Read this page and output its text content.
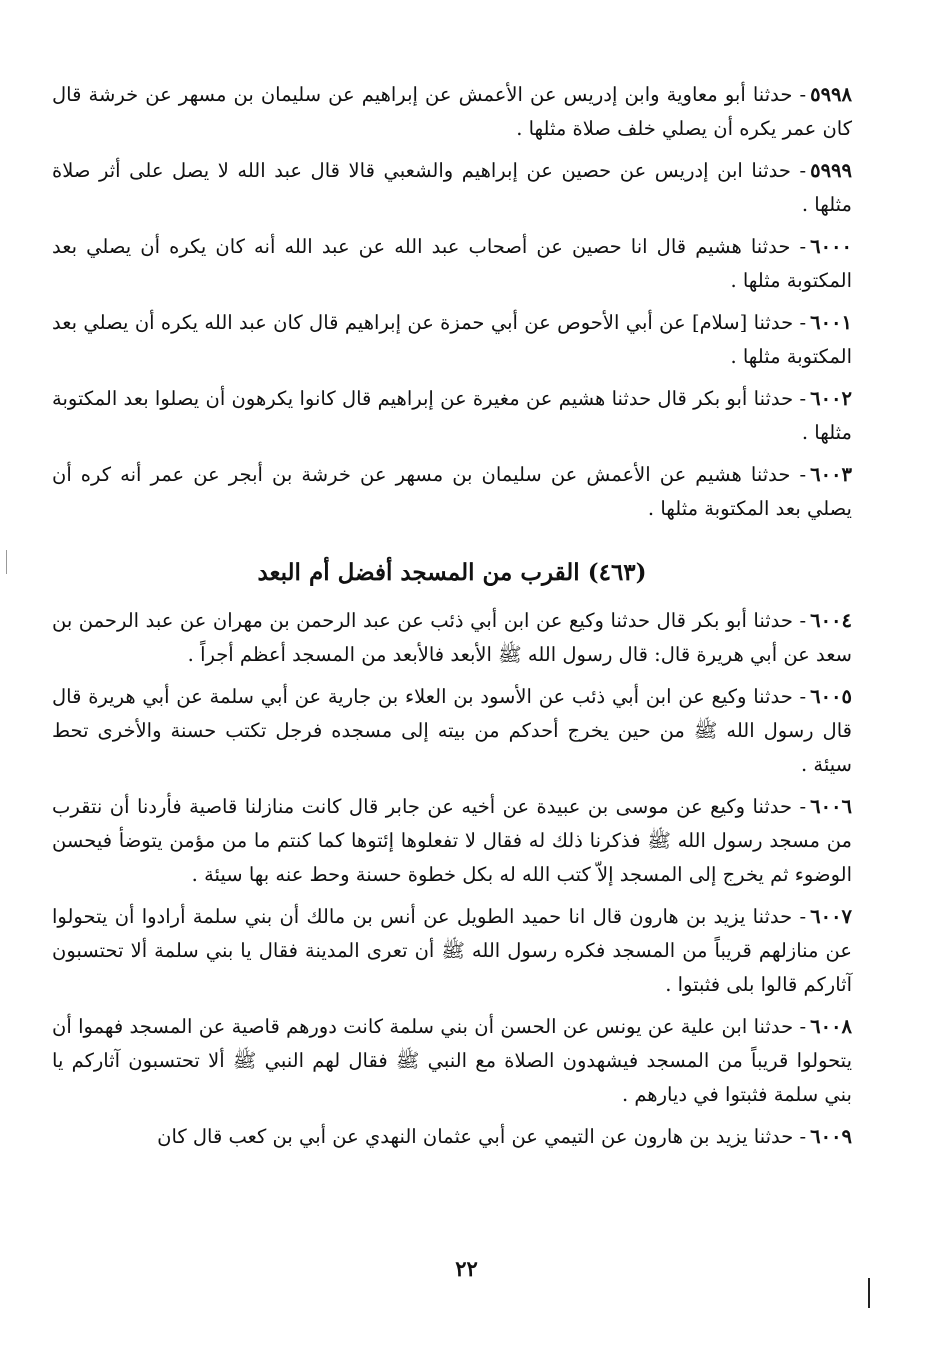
٥٩٩٨- حدثنا أبو معاوية وابن إدريس عن الأعمش عن إبراهيم عن سليمان بن مسهر عن خرشة قال كان عمر يكره أن يصلي خلف صلاة مثلها .

٥٩٩٩- حدثنا ابن إدريس عن حصين عن إبراهيم والشعبي قالا قال عبد الله لا يصل على أثر صلاة مثلها .

٦٠٠٠- حدثنا هشيم قال انا حصين عن أصحاب عبد الله عن عبد الله أنه كان يكره أن يصلي بعد المكتوبة مثلها .

٦٠٠١- حدثنا [سلام] عن أبي الأحوص عن أبي حمزة عن إبراهيم قال كان عبد الله يكره أن يصلي بعد المكتوبة مثلها .

٦٠٠٢- حدثنا أبو بكر قال حدثنا هشيم عن مغيرة عن إبراهيم قال كانوا يكرهون أن يصلوا بعد المكتوبة مثلها .

٦٠٠٣- حدثنا هشيم عن الأعمش عن سليمان بن مسهر عن خرشة بن أبجر عن عمر أنه كره أن يصلي بعد المكتوبة مثلها .

(٤٦٣) القرب من المسجد أفضل أم البعد

٦٠٠٤- حدثنا أبو بكر قال حدثنا وكيع عن ابن أبي ذئب عن عبد الرحمن بن مهران عن عبد الرحمن بن سعد عن أبي هريرة قال: قال رسول الله ﷺ الأبعد فالأبعد من المسجد أعظم أجراً .

٦٠٠٥- حدثنا وكيع عن ابن أبي ذئب عن الأسود بن العلاء بن جارية عن أبي سلمة عن أبي هريرة قال قال رسول الله ﷺ من حين يخرج أحدكم من بيته إلى مسجده فرجل تكتب حسنة والأخرى تحط سيئة .

٦٠٠٦- حدثنا وكيع عن موسى بن عبيدة عن أخيه عن جابر قال كانت منازلنا قاصية فأردنا أن نتقرب من مسجد رسول الله ﷺ فذكرنا ذلك له فقال لا تفعلوها إئتوها كما كنتم ما من مؤمن يتوضأ فيحسن الوضوء ثم يخرج إلى المسجد إلاّ كتب الله له بكل خطوة حسنة وحط عنه بها سيئة .

٦٠٠٧- حدثنا يزيد بن هارون قال انا حميد الطويل عن أنس بن مالك أن بني سلمة أرادوا أن يتحولوا عن منازلهم قريباً من المسجد فكره رسول الله ﷺ أن تعرى المدينة فقال يا بني سلمة ألا تحتسبون آثاركم قالوا بلى فثبتوا .

٦٠٠٨- حدثنا ابن علية عن يونس عن الحسن أن بني سلمة كانت دورهم قاصية عن المسجد فهموا أن يتحولوا قريباً من المسجد فيشهدون الصلاة مع النبي ﷺ فقال لهم النبي ﷺ ألا تحتسبون آثاركم يا بني سلمة فثبتوا في ديارهم .

٦٠٠٩- حدثنا يزيد بن هارون عن التيمي عن أبي عثمان النهدي عن أبي بن كعب قال كان

٢٢
